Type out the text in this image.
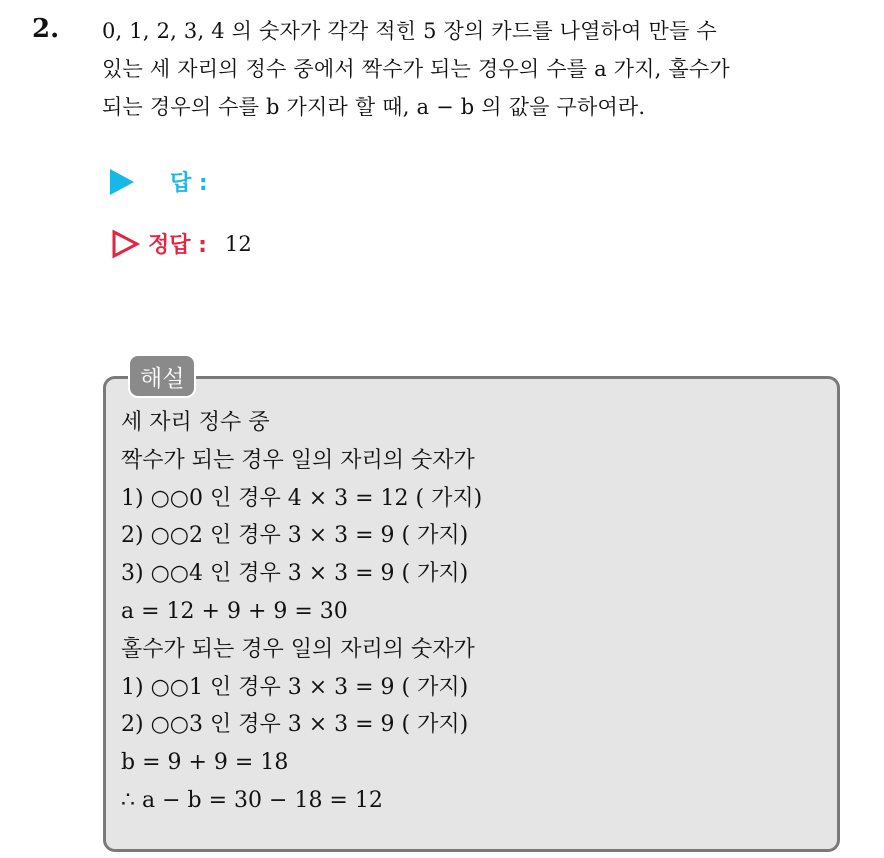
2. 0, 1, 2, 3, 4 의 숫자가 각각 적힌 5 장의 카드를 나열하여 만들 수
있는 세 자리의 정수 중에서 짝수가 되는 경우의 수를 a 가지, 홀수가
되는 경우의 수를 b 가지라 할 때, a − b 의 값을 구하여라.
답 :
정답 : 12
해설
세 자리 정수 중
짝수가 되는 경우 일의 자리의 숫자가
1) ○○0 인 경우 4 × 3 = 12 ( 가지)
2) ○○2 인 경우 3 × 3 = 9 ( 가지)
3) ○○4 인 경우 3 × 3 = 9 ( 가지)
a = 12 + 9 + 9 = 30
홀수가 되는 경우 일의 자리의 숫자가
1) ○○1 인 경우 3 × 3 = 9 ( 가지)
2) ○○3 인 경우 3 × 3 = 9 ( 가지)
b = 9 + 9 = 18
∴ a − b = 30 − 18 = 12
